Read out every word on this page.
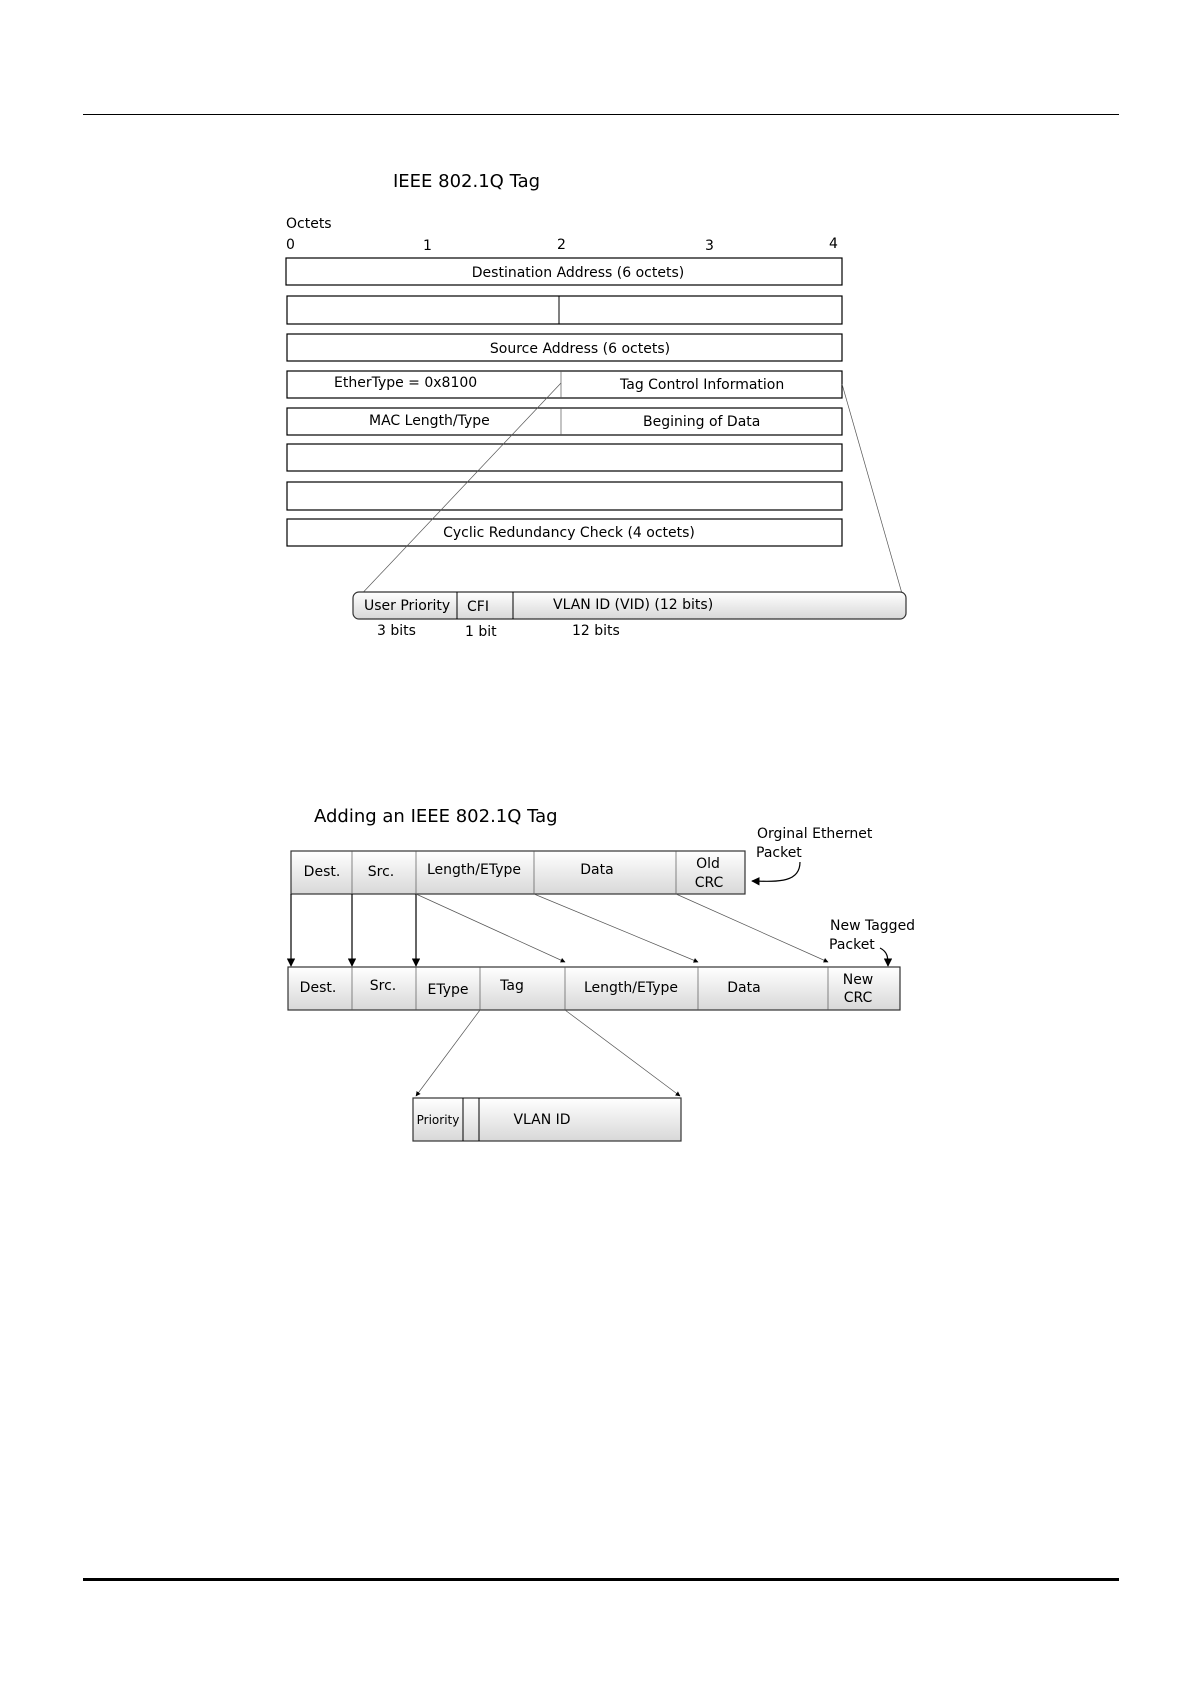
IEEE 802.1Q Tag
Octets
0	1	2	3	4
Destination Address (6 octets)
Source Address (6 octets)
EtherType = 0x8100	Tag Control Information
MAC Length/Type	Begining of Data
Cyclic Redundancy Check (4 octets)
User Priority CFI	VLAN ID (VID) (12 bits)
3 bits	1 bit	12 bits
Adding an IEEE 802.1Q Tag
Orginal Ethernet
Packet
Dest. Src. Length/EType	Data	Old
CRC
New Tagged
Packet
Dest. Src. EType Tag	Length/EType	Data	New
CRC
Priority	VLAN ID
